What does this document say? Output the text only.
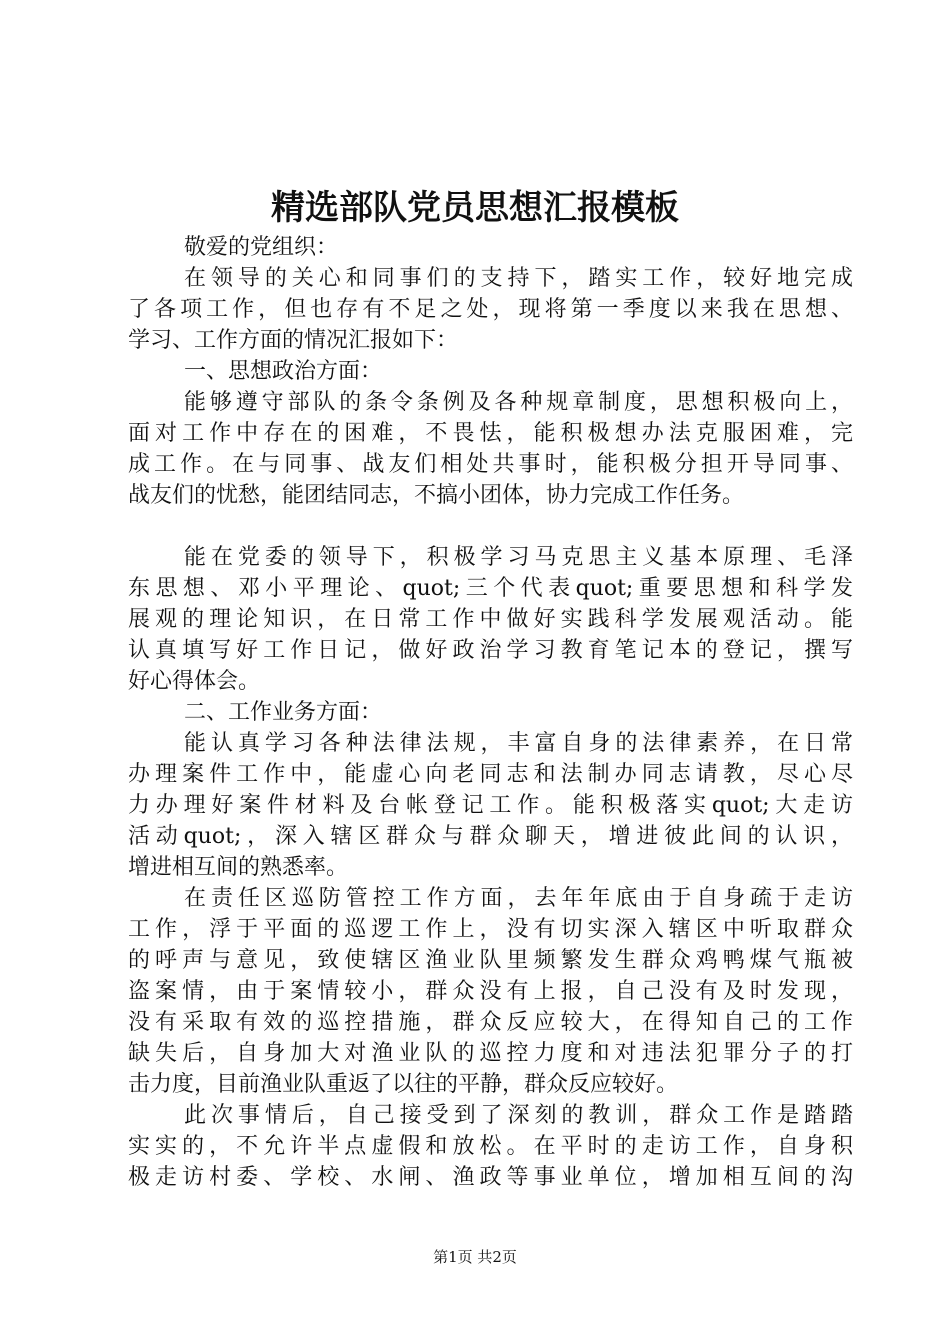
精选部队党员思想汇报模板
敬爱的党组织：
在领导的关心和同事们的支持下，踏实工作，较好地完成
了各项工作，但也存有不足之处，现将第一季度以来我在思想、
学习、工作方面的情况汇报如下：
一、思想政治方面：
能够遵守部队的条令条例及各种规章制度，思想积极向上，
面对工作中存在的困难，不畏怯，能积极想办法克服困难，完
成工作。在与同事、战友们相处共事时，能积极分担开导同事、
战友们的忧愁，能团结同志，不搞小团体，协力完成工作任务。
能在党委的领导下，积极学习马克思主义基本原理、毛泽
东思想、邓小平理论、quot;三个代表quot;重要思想和科学发
展观的理论知识，在日常工作中做好实践科学发展观活动。能
认真填写好工作日记，做好政治学习教育笔记本的登记，撰写
好心得体会。
二、工作业务方面：
能认真学习各种法律法规，丰富自身的法律素养，在日常
办理案件工作中，能虚心向老同志和法制办同志请教，尽心尽
力办理好案件材料及台帐登记工作。能积极落实quot;大走访
活动quot;，深入辖区群众与群众聊天，增进彼此间的认识，
增进相互间的熟悉率。
在责任区巡防管控工作方面，去年年底由于自身疏于走访
工作，浮于平面的巡逻工作上，没有切实深入辖区中听取群众
的呼声与意见，致使辖区渔业队里频繁发生群众鸡鸭煤气瓶被
盗案情，由于案情较小，群众没有上报，自己没有及时发现，
没有采取有效的巡控措施，群众反应较大，在得知自己的工作
缺失后，自身加大对渔业队的巡控力度和对违法犯罪分子的打
击力度，目前渔业队重返了以往的平静，群众反应较好。
此次事情后，自己接受到了深刻的教训，群众工作是踏踏
实实的，不允许半点虚假和放松。在平时的走访工作，自身积
极走访村委、学校、水闸、渔政等事业单位，增加相互间的沟
第1页 共2页
